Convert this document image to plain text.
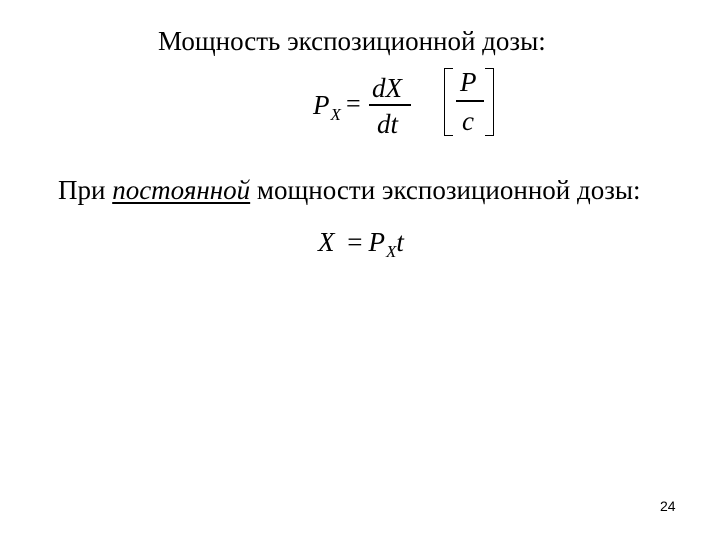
Мощность экспозиционной дозы:
$P_X$ =
dX
dt
P
c
При постоянной мощности экспозиционной дозы:
$X = P_Xt$
24
